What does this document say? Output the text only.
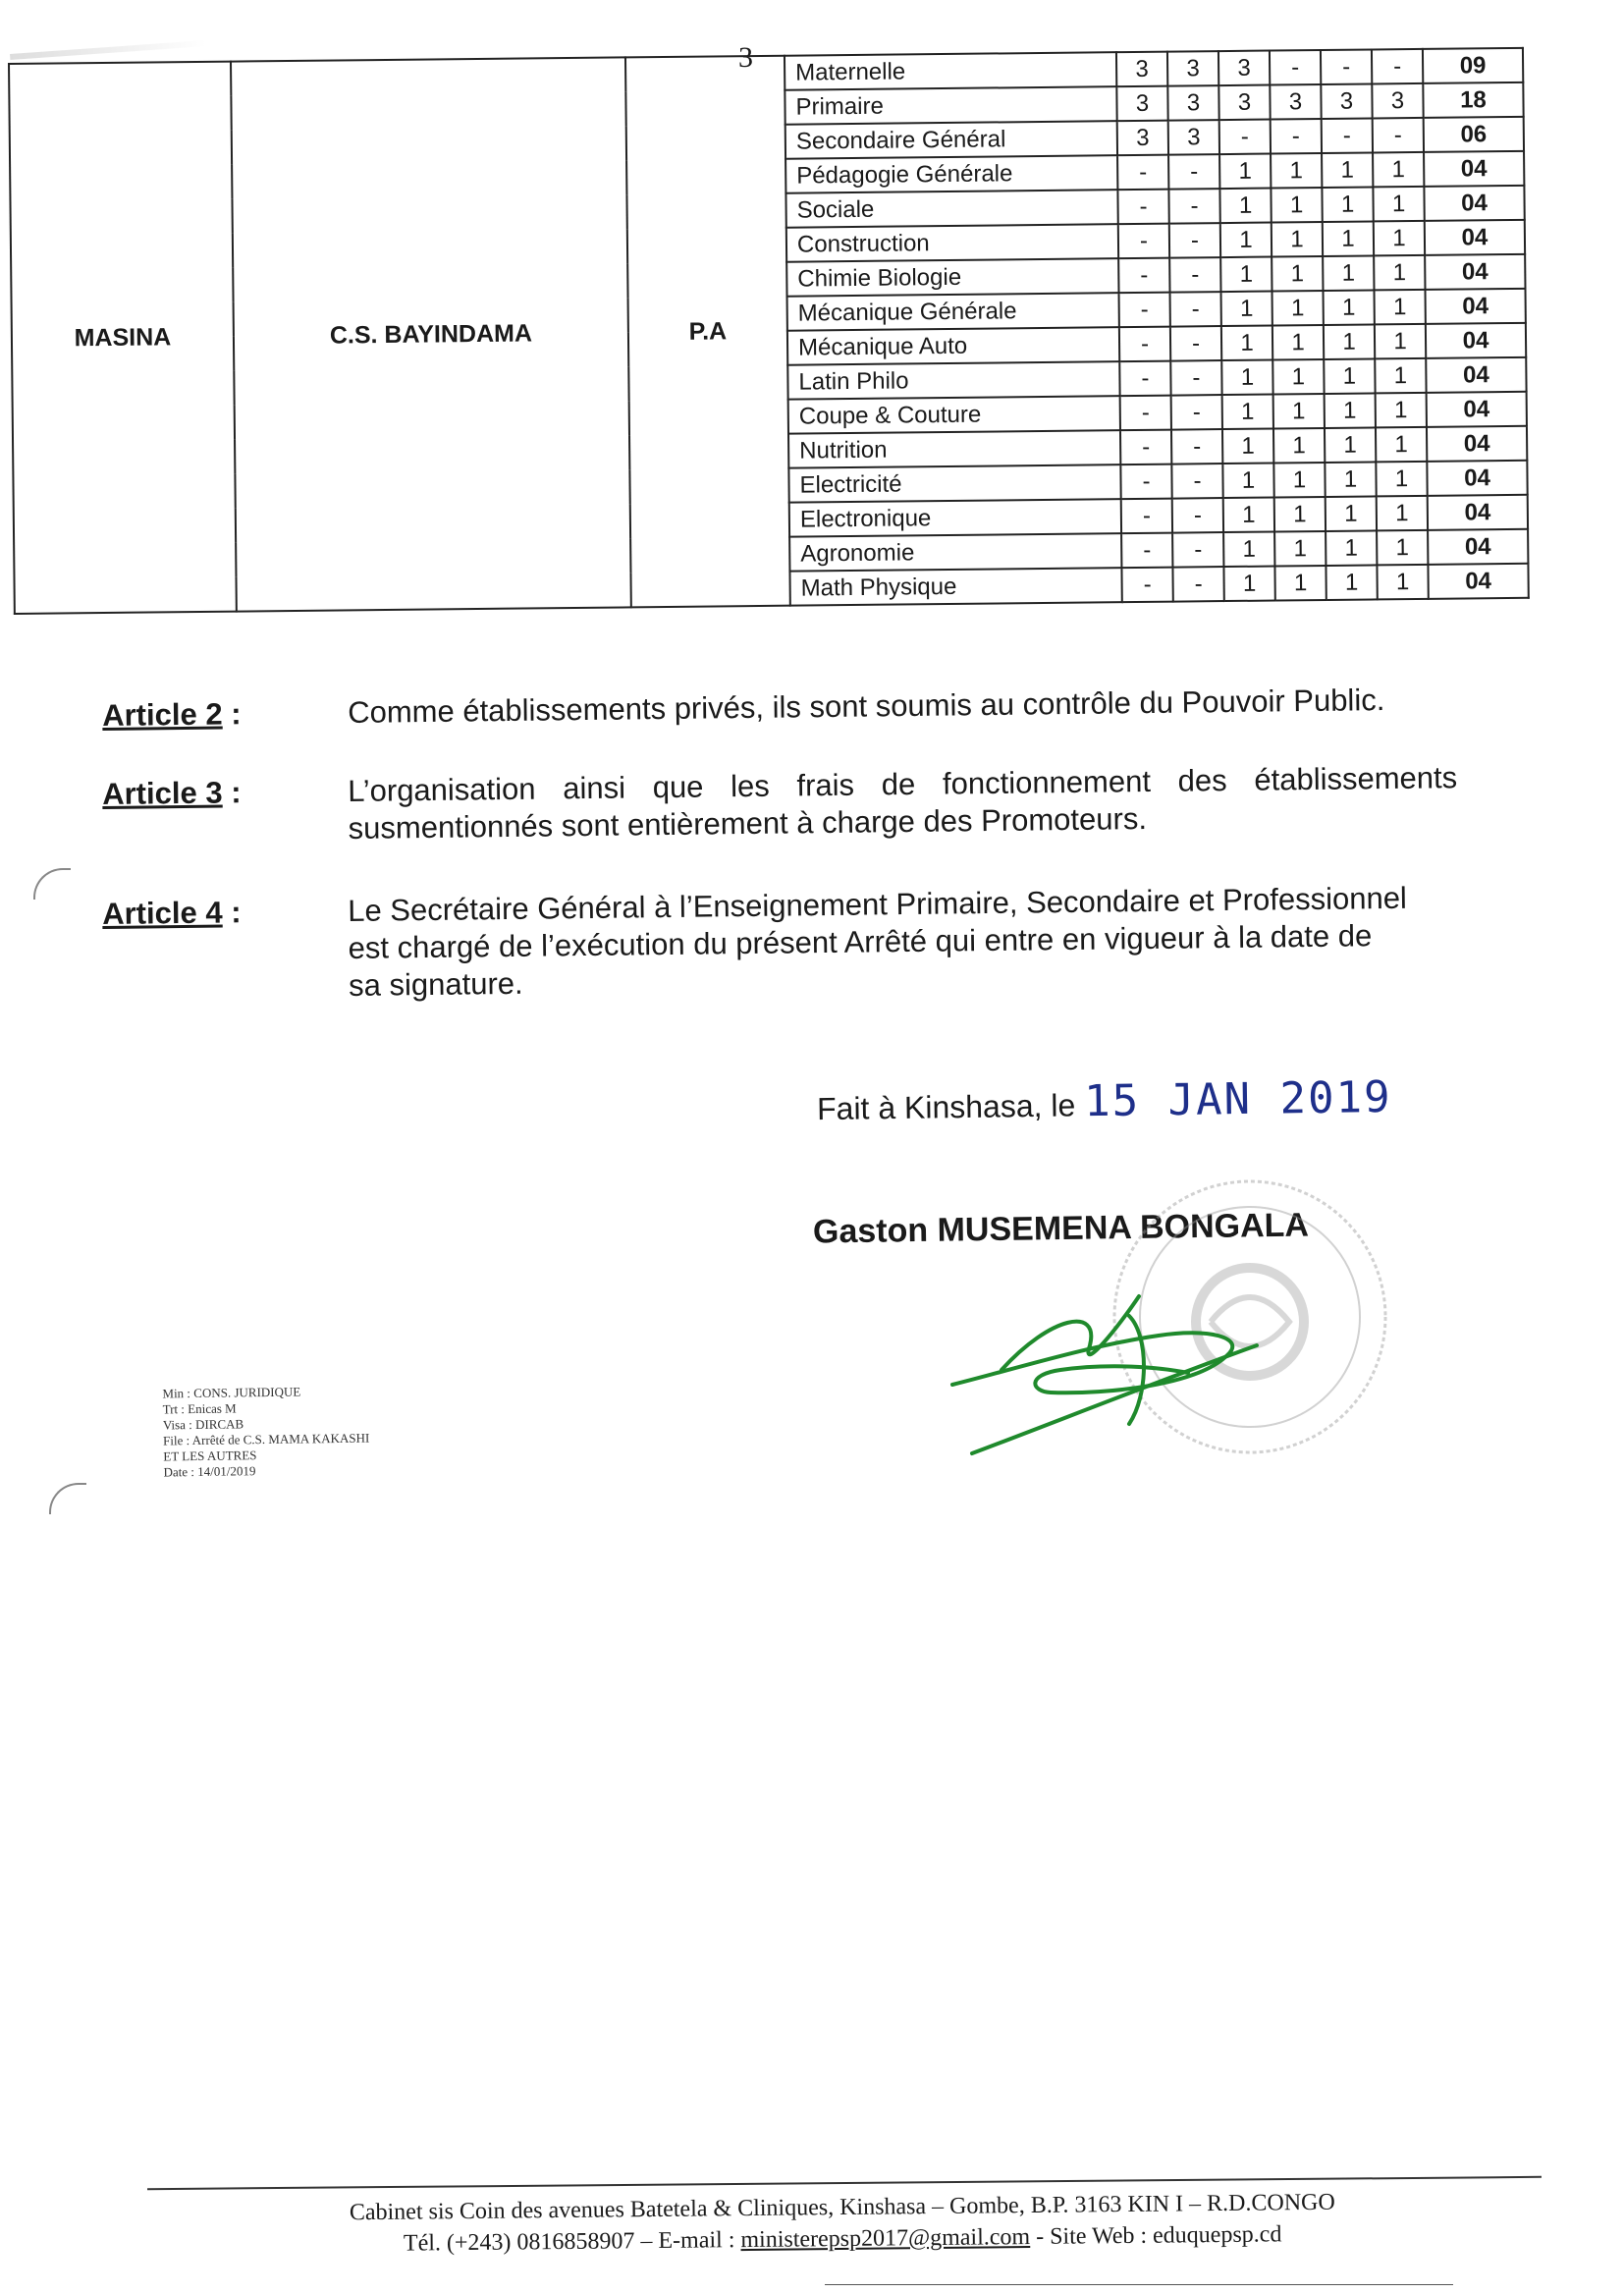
3
MASINA	C.S. BAYINDAMA	P.A	Maternelle	3	3	3	-	-	-	09
			Primaire	3	3	3	3	3	3	18
			Secondaire Général	3	3	-	-	-	-	06
			Pédagogie Générale	-	-	1	1	1	1	04
			Sociale	-	-	1	1	1	1	04
			Construction	-	-	1	1	1	1	04
			Chimie Biologie	-	-	1	1	1	1	04
			Mécanique Générale	-	-	1	1	1	1	04
			Mécanique Auto	-	-	1	1	1	1	04
			Latin Philo	-	-	1	1	1	1	04
			Coupe & Couture	-	-	1	1	1	1	04
			Nutrition	-	-	1	1	1	1	04
			Electricité	-	-	1	1	1	1	04
			Electronique	-	-	1	1	1	1	04
			Agronomie	-	-	1	1	1	1	04
			Math Physique	-	-	1	1	1	1	04
Article 2 :	Comme établissements privés, ils sont soumis au contrôle du Pouvoir Public.
Article 3 :	L’organisation ainsi que les frais de fonctionnement des établissements
susmentionnés sont entièrement à charge des Promoteurs.
Article 4 :	Le Secrétaire Général à l’Enseignement Primaire, Secondaire et Professionnel
est chargé de l’exécution du présent Arrêté qui entre en vigueur à la date de
sa signature.
Fait à Kinshasa, le 15 JAN 2019
Gaston MUSEMENA BONGALA
Min : CONS. JURIDIQUE
Trt : Enicas M
Visa : DIRCAB
File : Arrêté de C.S. MAMA KAKASHI
ET LES AUTRES
Date : 14/01/2019
Cabinet sis Coin des avenues Batetela & Cliniques, Kinshasa – Gombe, B.P. 3163 KIN I – R.D.CONGO
Tél. (+243) 0816858907 – E-mail : ministerepsp2017@gmail.com - Site Web : eduquepsp.cd
